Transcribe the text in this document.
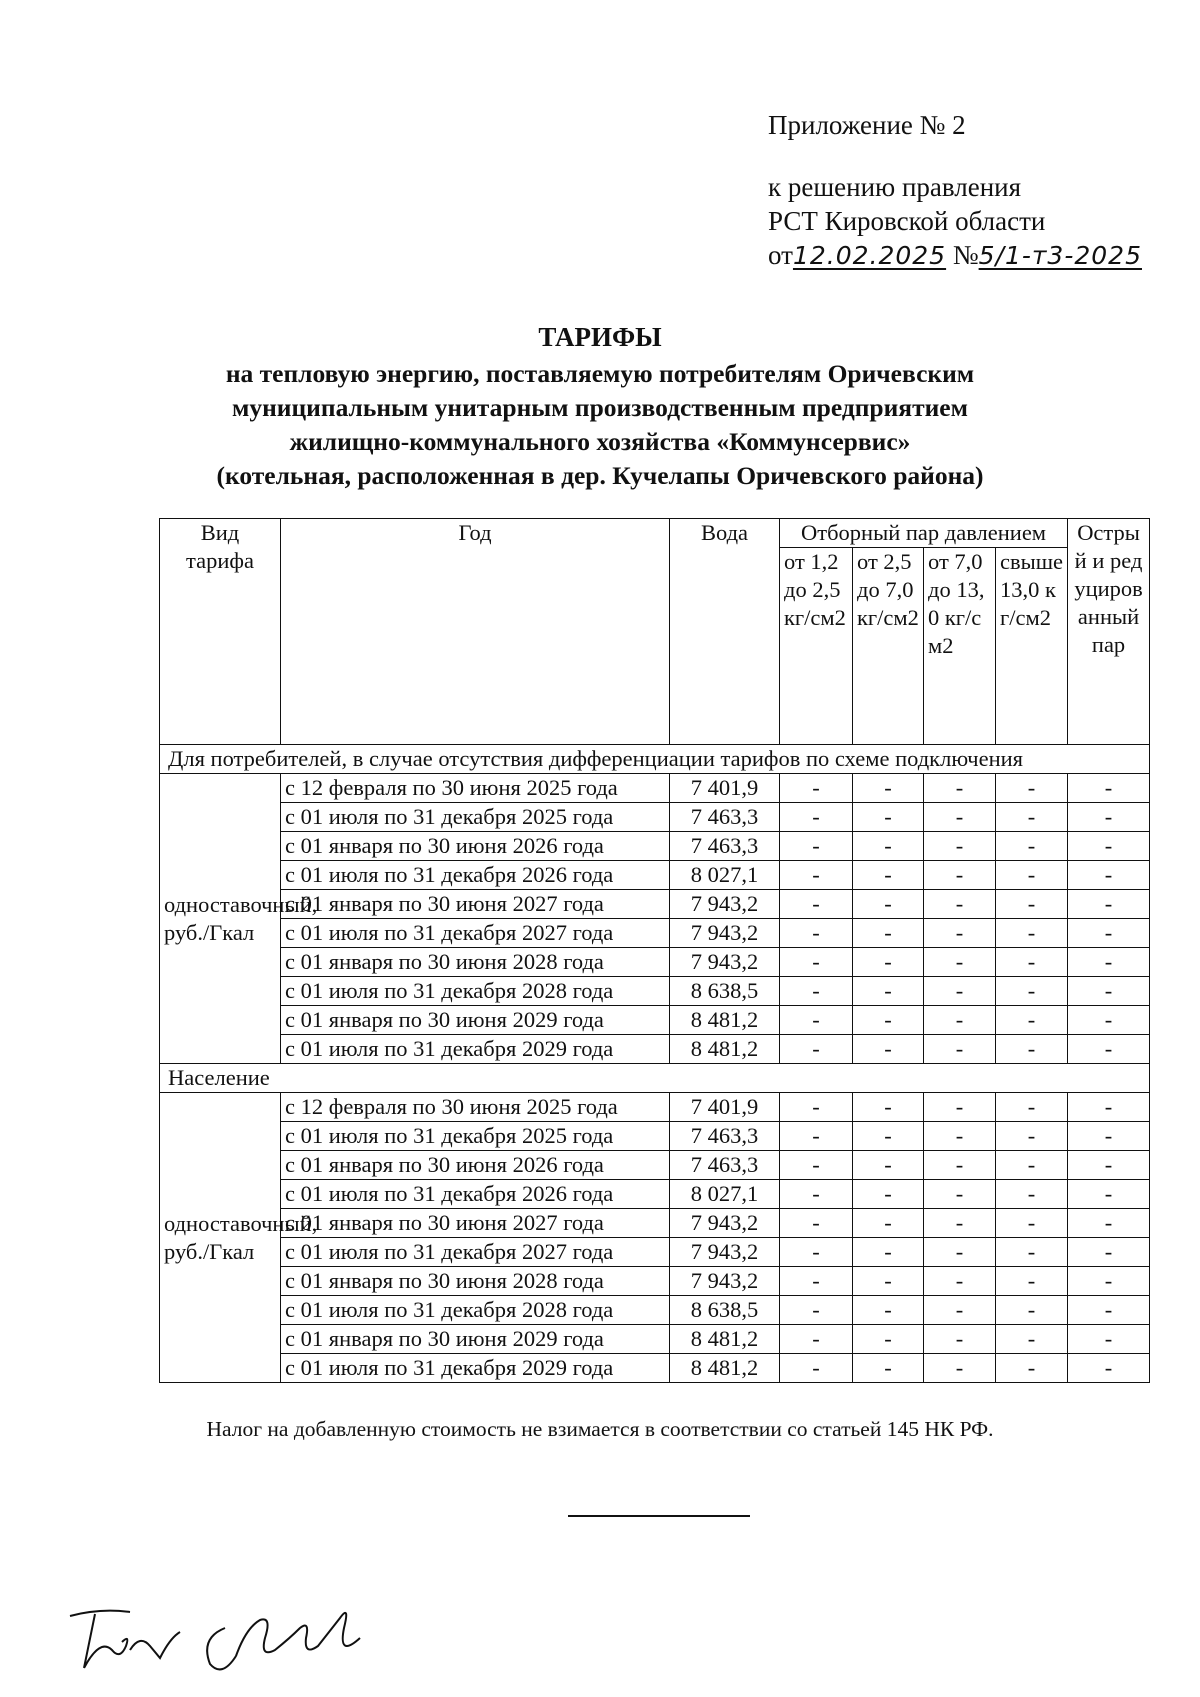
Приложение № 2
к решению правления
РСТ Кировской области
от12.02.2025 №5/1-т3-2025
ТАРИФЫ
на тепловую энергию, поставляемую потребителям Оричевским
муниципальным унитарным производственным предприятием
жилищно-коммунального хозяйства «Коммунсервис»
(котельная, расположенная в дер. Кучелапы Оричевского района)
Вид тарифа	Год	Вода	Отборный пар давлением				Острый и редуцированный пар
			от 1,2 до 2,5 кг/см2	от 2,5 до 7,0 кг/см2	от 7,0 до 13,0 кг/см2	свыше 13,0 кг/см2	
Для потребителей, в случае отсутствия дифференциации тарифов по схеме подключения							
одноставочный, руб./Гкал	с 12 февраля по 30 июня 2025 года	7 401,9	-	-	-	-	-
	с 01 июля по 31 декабря 2025 года	7 463,3	-	-	-	-	-
	с 01 января по 30 июня 2026 года	7 463,3	-	-	-	-	-
	с 01 июля по 31 декабря 2026 года	8 027,1	-	-	-	-	-
	с 01 января по 30 июня 2027 года	7 943,2	-	-	-	-	-
	с 01 июля по 31 декабря 2027 года	7 943,2	-	-	-	-	-
	с 01 января по 30 июня 2028 года	7 943,2	-	-	-	-	-
	с 01 июля по 31 декабря 2028 года	8 638,5	-	-	-	-	-
	с 01 января по 30 июня 2029 года	8 481,2	-	-	-	-	-
	с 01 июля по 31 декабря 2029 года	8 481,2	-	-	-	-	-
Население							
одноставочный, руб./Гкал	с 12 февраля по 30 июня 2025 года	7 401,9	-	-	-	-	-
	с 01 июля по 31 декабря 2025 года	7 463,3	-	-	-	-	-
	с 01 января по 30 июня 2026 года	7 463,3	-	-	-	-	-
	с 01 июля по 31 декабря 2026 года	8 027,1	-	-	-	-	-
	с 01 января по 30 июня 2027 года	7 943,2	-	-	-	-	-
	с 01 июля по 31 декабря 2027 года	7 943,2	-	-	-	-	-
	с 01 января по 30 июня 2028 года	7 943,2	-	-	-	-	-
	с 01 июля по 31 декабря 2028 года	8 638,5	-	-	-	-	-
	с 01 января по 30 июня 2029 года	8 481,2	-	-	-	-	-
	с 01 июля по 31 декабря 2029 года	8 481,2	-	-	-	-	-
Налог на добавленную стоимость не взимается в соответствии со статьей 145 НК РФ.
